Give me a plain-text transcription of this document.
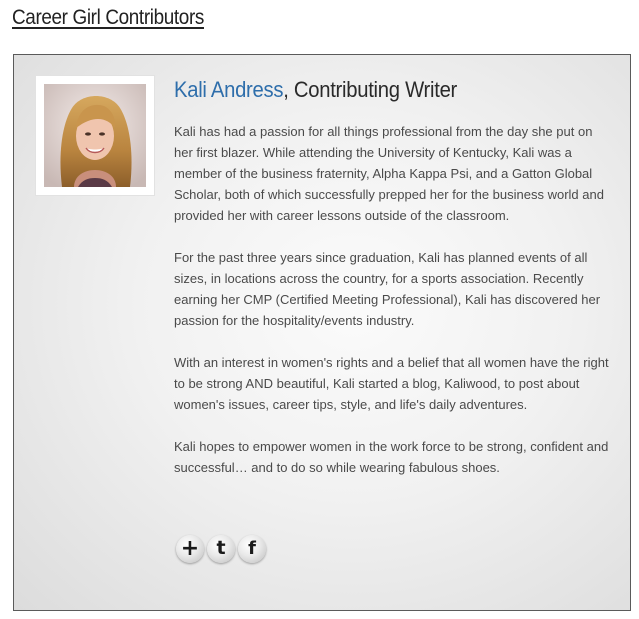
Career Girl Contributors
Kali Andress, Contributing Writer

Kali has had a passion for all things professional from the day she put on her first blazer. While attending the University of Kentucky, Kali was a member of the business fraternity, Alpha Kappa Psi, and a Gatton Global Scholar, both of which successfully prepped her for the business world and provided her with career lessons outside of the classroom.

For the past three years since graduation, Kali has planned events of all sizes, in locations across the country, for a sports association. Recently earning her CMP (Certified Meeting Professional), Kali has discovered her passion for the hospitality/events industry.

With an interest in women's rights and a belief that all women have the right to be strong AND beautiful, Kali started a blog, Kaliwood, to post about women's issues, career tips, style, and life's daily adventures.

Kali hopes to empower women in the work force to be strong, confident and successful… and to do so while wearing fabulous shoes.

+ t f
